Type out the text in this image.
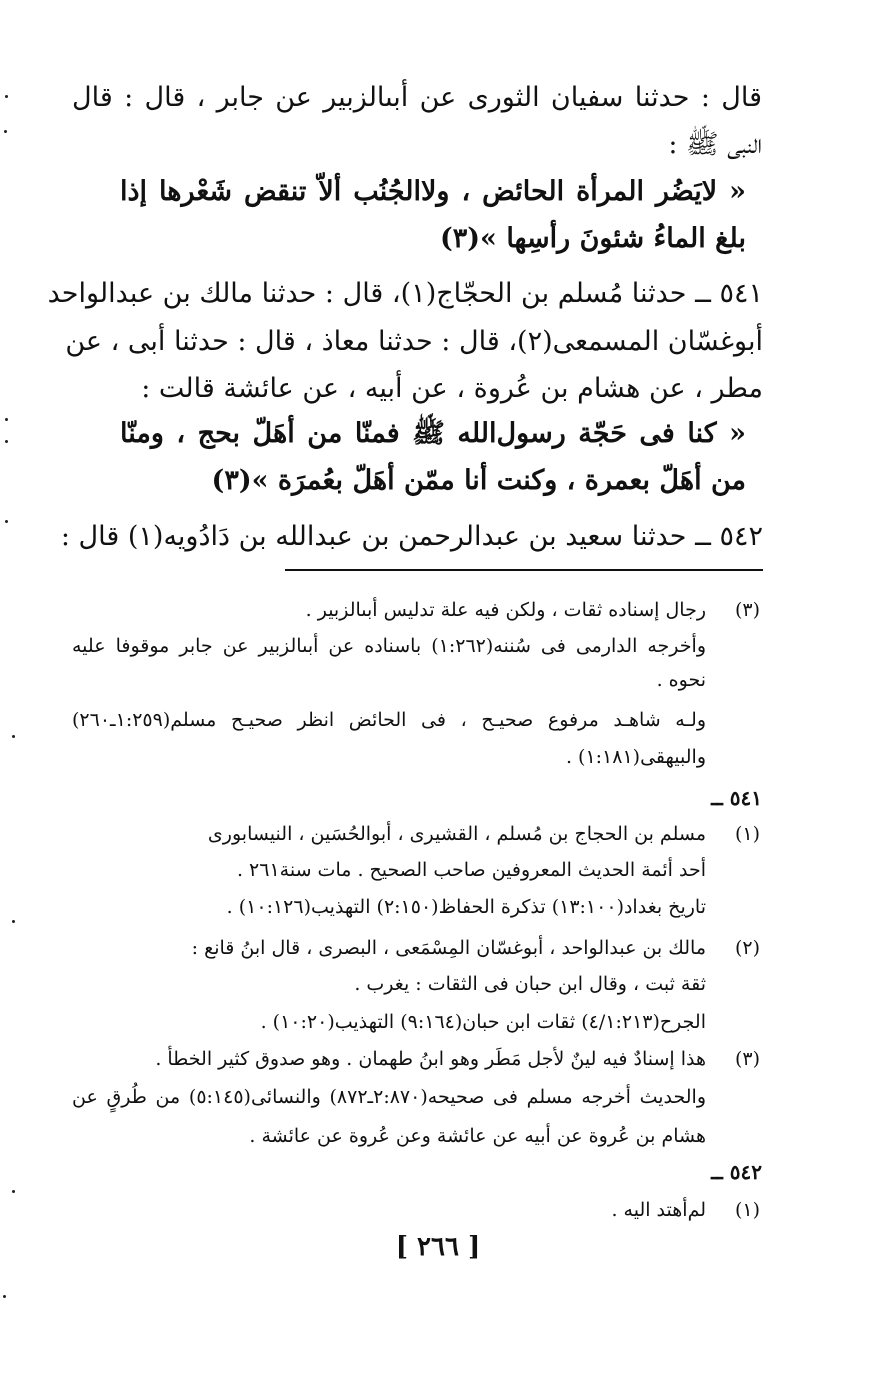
قال : حدثنا سفيان الثورى عن أبىالزبير عن جابر ، قال : قال
النبى ﷺ :
« لايَضُر المرأة الحائض ، ولاالجُنُب ألاّ تنقض شَعْرها إذا
بلغ الماءُ شئونَ رأسِها »(٣)
٥٤١ ــ حدثنا مُسلم بن الحجّاج(١)، قال : حدثنا مالك بن عبدالواحد
أبوغسّان المسمعى(٢)، قال : حدثنا معاذ ، قال : حدثنا أبى ، عن
مطر ، عن هشام بن عُروة ، عن أبيه ، عن عائشة قالت :
« كنا فى حَجّة رسول‌الله ﷺ فمنّا من أهَلّ بحج ، ومنّا
من أهَلّ بعمرة ، وكنت أنا ممّن أهَلّ بعُمرَة »(٣)
٥٤٢ ــ حدثنا سعيد بن عبدالرحمن بن عبدالله بن دَادُويه(١) قال :
(٣)
رجال إسناده ثقات ، ولكن فيه علة تدليس أبىالزبير .
وأخرجه الدارمى فى سُننه(١:٢٦٢) باسناده عن أبىالزبير عن جابر موقوفا عليه
نحوه .
ولـه شاهـد مرفوع صحيـح ، فى الحائض انظر صحيـح مسلم(١:٢٥٩ـ٢٦٠)
والبيهقى(١:١٨١) .
٥٤١ ــ
(١)
مسلم بن الحجاج بن مُسلم ، القشيرى ، أبوالحُسَين ، النيسابورى
أحد أئمة الحديث المعروفين صاحب الصحيح . مات سنة٢٦١ .
تاريخ بغداد(١٣:١٠٠) تذكرة الحفاظ(٢:١٥٠) التهذيب(١٠:١٢٦) .
(٢)
مالك بن عبدالواحد ، أبوغسّان المِسْمَعى ، البصرى ، قال ابنُ قانع :
ثقة ثبت ، وقال ابن حبان فى الثقات : يغرب .
الجرح(٤/١:٢١٣) ثقات ابن حبان(٩:١٦٤) التهذيب(١٠:٢٠) .
(٣)
هذا إسنادٌ فيه لينٌ لأجل مَطَر وهو ابنُ طهمان . وهو صدوق كثير الخطأ .
والحديث أخرجه مسلم فى صحيحه(٢:٨٧٠ـ٨٧٢) والنسائى(٥:١٤٥) من طُرقٍ عن
هشام بن عُروة عن أبيه عن عائشة وعن عُروة عن عائشة .
٥٤٢ ــ
(١)
لم‌أهتد اليه .
[ ٢٦٦ ]
